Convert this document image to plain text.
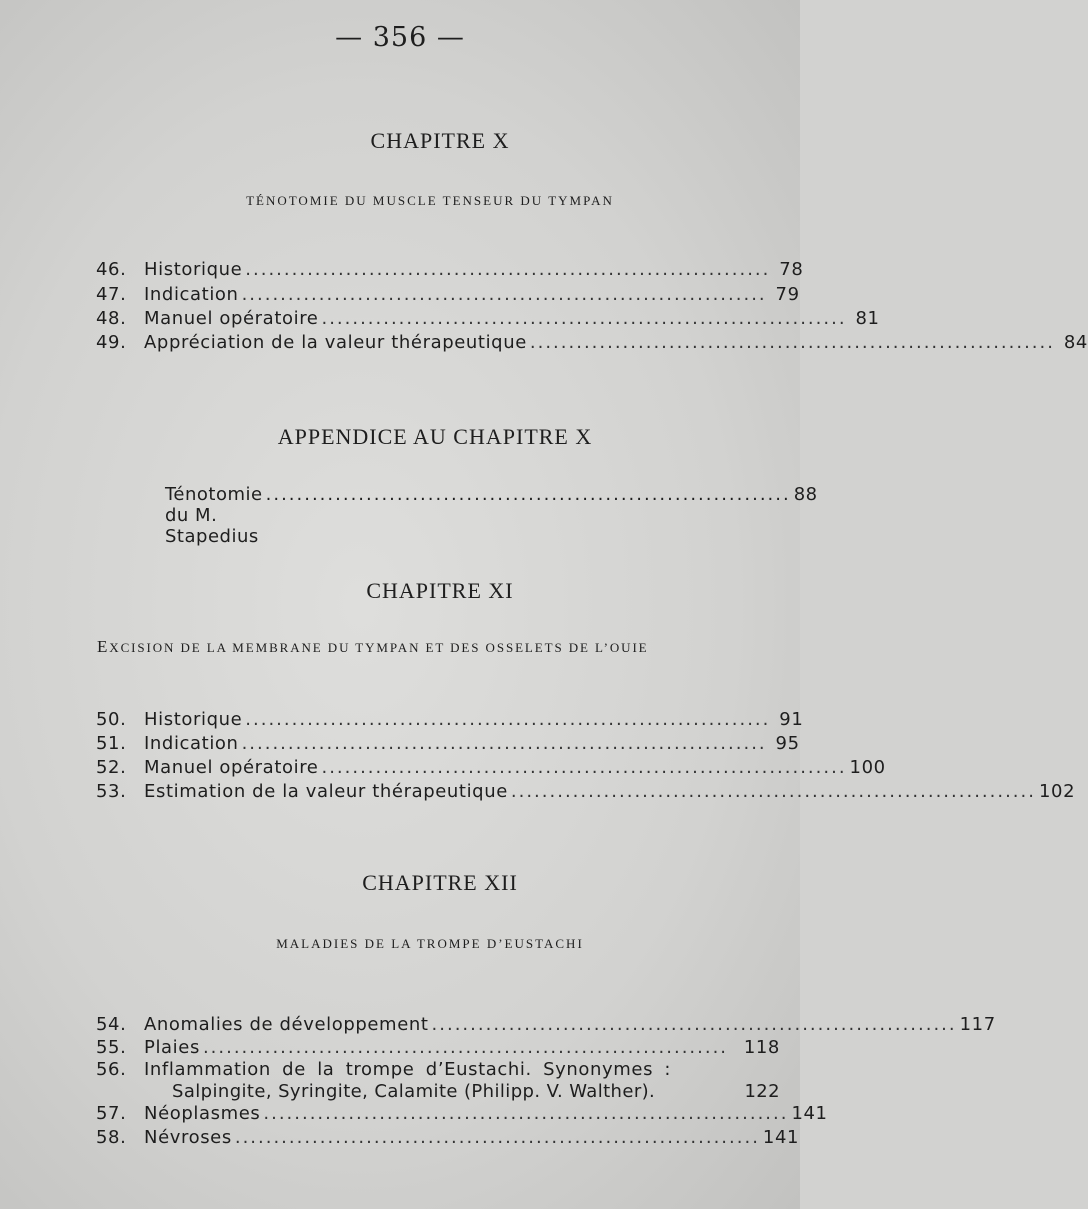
— 356 —
CHAPITRE X
TÉNOTOMIE DU MUSCLE TENSEUR DU TYMPAN
46. Historique .................................................................... 78
47. Indication .................................................................... 79
48. Manuel opératoire .................................................................... 81
49. Appréciation de la valeur thérapeutique .................................................................... 84
APPENDICE AU CHAPITRE X
Ténotomie du M. Stapedius
.................................................................... 88
CHAPITRE XI
EXCISION DE LA MEMBRANE DU TYMPAN ET DES OSSELETS DE L’OUIE
50. Historique .................................................................... 91
51. Indication .................................................................... 95
52. Manuel opératoire .................................................................... 100
53. Estimation de la valeur thérapeutique .................................................................... 102
CHAPITRE XII
MALADIES DE LA TROMPE D’EUSTACHI
54. Anomalies de développement .................................................................... 117
55. Plaies .................................................................... 118
56. Inflammation de la trompe d’Eustachi. Synonymes :
Salpingite, Syringite, Calamite (Philipp. V. Walther).	122
57. Néoplasmes .................................................................... 141
58. Névroses .................................................................... 141
